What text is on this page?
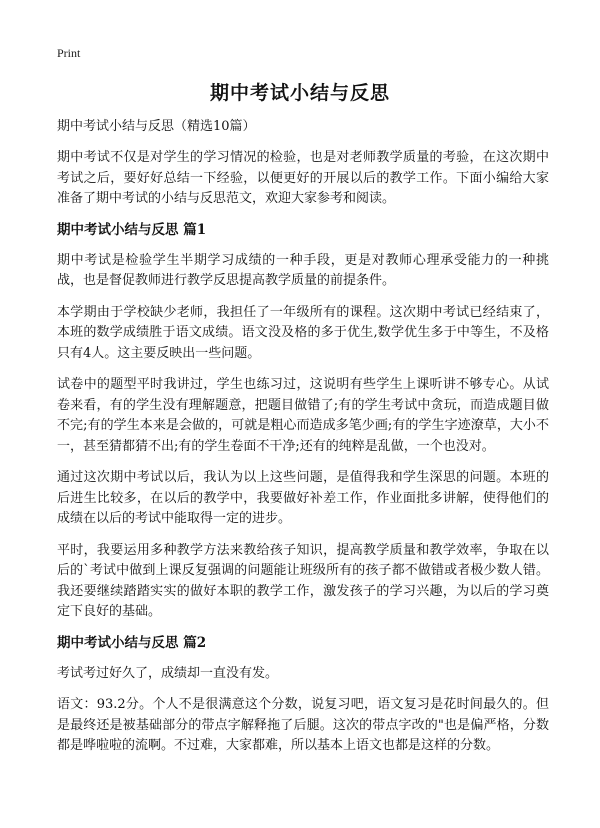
Print
期中考试小结与反思

期中考试小结与反思（精选10篇）

期中考试不仅是对学生的学习情况的检验，也是对老师教学质量的考验，在这次期中考试之后，要好好总结一下经验，以便更好的开展以后的教学工作。下面小编给大家准备了期中考试的小结与反思范文，欢迎大家参考和阅读。

期中考试小结与反思 篇1

期中考试是检验学生半期学习成绩的一种手段，更是对教师心理承受能力的一种挑战，也是督促教师进行教学反思提高教学质量的前提条件。

本学期由于学校缺少老师，我担任了一年级所有的课程。这次期中考试已经结束了，本班的数学成绩胜于语文成绩。语文没及格的多于优生,数学优生多于中等生，不及格只有4人。这主要反映出一些问题。

试卷中的题型平时我讲过，学生也练习过，这说明有些学生上课听讲不够专心。从试卷来看，有的学生没有理解题意，把题目做错了;有的学生考试中贪玩，而造成题目做不完;有的学生本来是会做的，可就是粗心而造成多笔少画;有的学生字迹潦草，大小不一，甚至猜都猜不出;有的学生卷面不干净;还有的纯粹是乱做，一个也没对。

通过这次期中考试以后，我认为以上这些问题，是值得我和学生深思的问题。本班的后进生比较多，在以后的教学中，我要做好补差工作，作业面批多讲解，使得他们的成绩在以后的考试中能取得一定的进步。

平时，我要运用多种教学方法来教给孩子知识，提高教学质量和教学效率，争取在以后的`考试中做到上课反复强调的问题能让班级所有的孩子都不做错或者极少数人错。我还要继续踏踏实实的做好本职的教学工作，激发孩子的学习兴趣，为以后的学习奠定下良好的基础。

期中考试小结与反思 篇2

考试考过好久了，成绩却一直没有发。

语文：93.2分。个人不是很满意这个分数，说复习吧，语文复习是花时间最久的。但是最终还是被基础部分的带点字解释拖了后腿。这次的带点字改的"也是偏严格，分数都是哗啦啦的流啊。不过难，大家都难，所以基本上语文也都是这样的分数。
